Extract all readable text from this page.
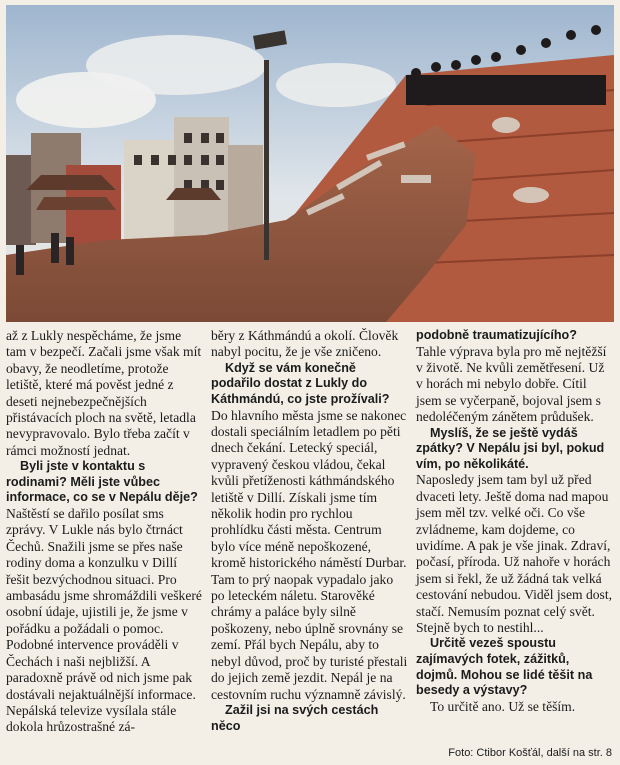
až z Lukly nespěcháme, že jsme tam v bezpečí. Začali jsme však mít obavy, že neodletíme, protože letiště, které má pověst jedné z deseti nejnebezpečnějších přistávacích ploch na světě, letadla nevypravovalo. Bylo třeba začít v rámci možností jednat.

Byli jste v kontaktu s rodinami? Měli jste vůbec informace, co se v Nepálu děje?

Naštěstí se dařilo posílat sms zprávy. V Lukle nás bylo čtrnáct Čechů. Snažili jsme se přes naše rodiny doma a konzulku v Dillí řešit bezvýchodnou situaci. Pro ambasádu jsme shromáždili veškeré osobní údaje, ujistili je, že jsme v pořádku a požádali o pomoc. Podobné intervence prováděli v Čechách i naši nejbližší. A paradoxně právě od nich jsme pak dostávali nejaktuálnější informace. Nepálská televize vysílala stále dokola hrůzostrašné zá-

běry z Káthmándú a okolí. Člověk nabyl pocitu, že je vše zničeno.

Když se vám konečně podařilo dostat z Lukly do Káthmándú, co jste prožívali?

Do hlavního města jsme se nakonec dostali speciálním letadlem po pěti dnech čekání. Letecký speciál, vypravený českou vládou, čekal kvůli přetíženosti káthmándského letiště v Dillí. Získali jsme tím několik hodin pro rychlou prohlídku části města. Centrum bylo více méně nepoškozené, kromě historického náměstí Durbar. Tam to prý naopak vypadalo jako po leteckém náletu. Starověké chrámy a paláce byly silně poškozeny, nebo úplně srovnány se zemí. Přál bych Nepálu, aby to nebyl důvod, proč by turisté přestali do jejich země jezdit. Nepál je na cestovním ruchu významně závislý.

Zažil jsi na svých cestách něco

podobně traumatizujícího?

Tahle výprava byla pro mě nejtěžší v životě. Ne kvůli zemětřesení. Už v horách mi nebylo dobře. Cítil jsem se vyčerpaně, bojoval jsem s nedoléčeným zánětem průdušek.

Myslíš, že se ještě vydáš zpátky? V Nepálu jsi byl, pokud vím, po několikáté.

Naposledy jsem tam byl už před dvaceti lety. Ještě doma nad mapou jsem měl tzv. velké oči. Co vše zvládneme, kam dojdeme, co uvidíme. A pak je vše jinak. Zdraví, počasí, příroda. Už nahoře v horách jsem si řekl, že už žádná tak velká cestování nebudou. Viděl jsem dost, stačí. Nemusím poznat celý svět. Stejně bych to nestihl...

Určitě vezeš spoustu zajímavých fotek, zážitků, dojmů. Mohou se lidé těšit na besedy a výstavy?

To určitě ano. Už se těším.

Foto: Ctibor Košťál, další na str. 8
